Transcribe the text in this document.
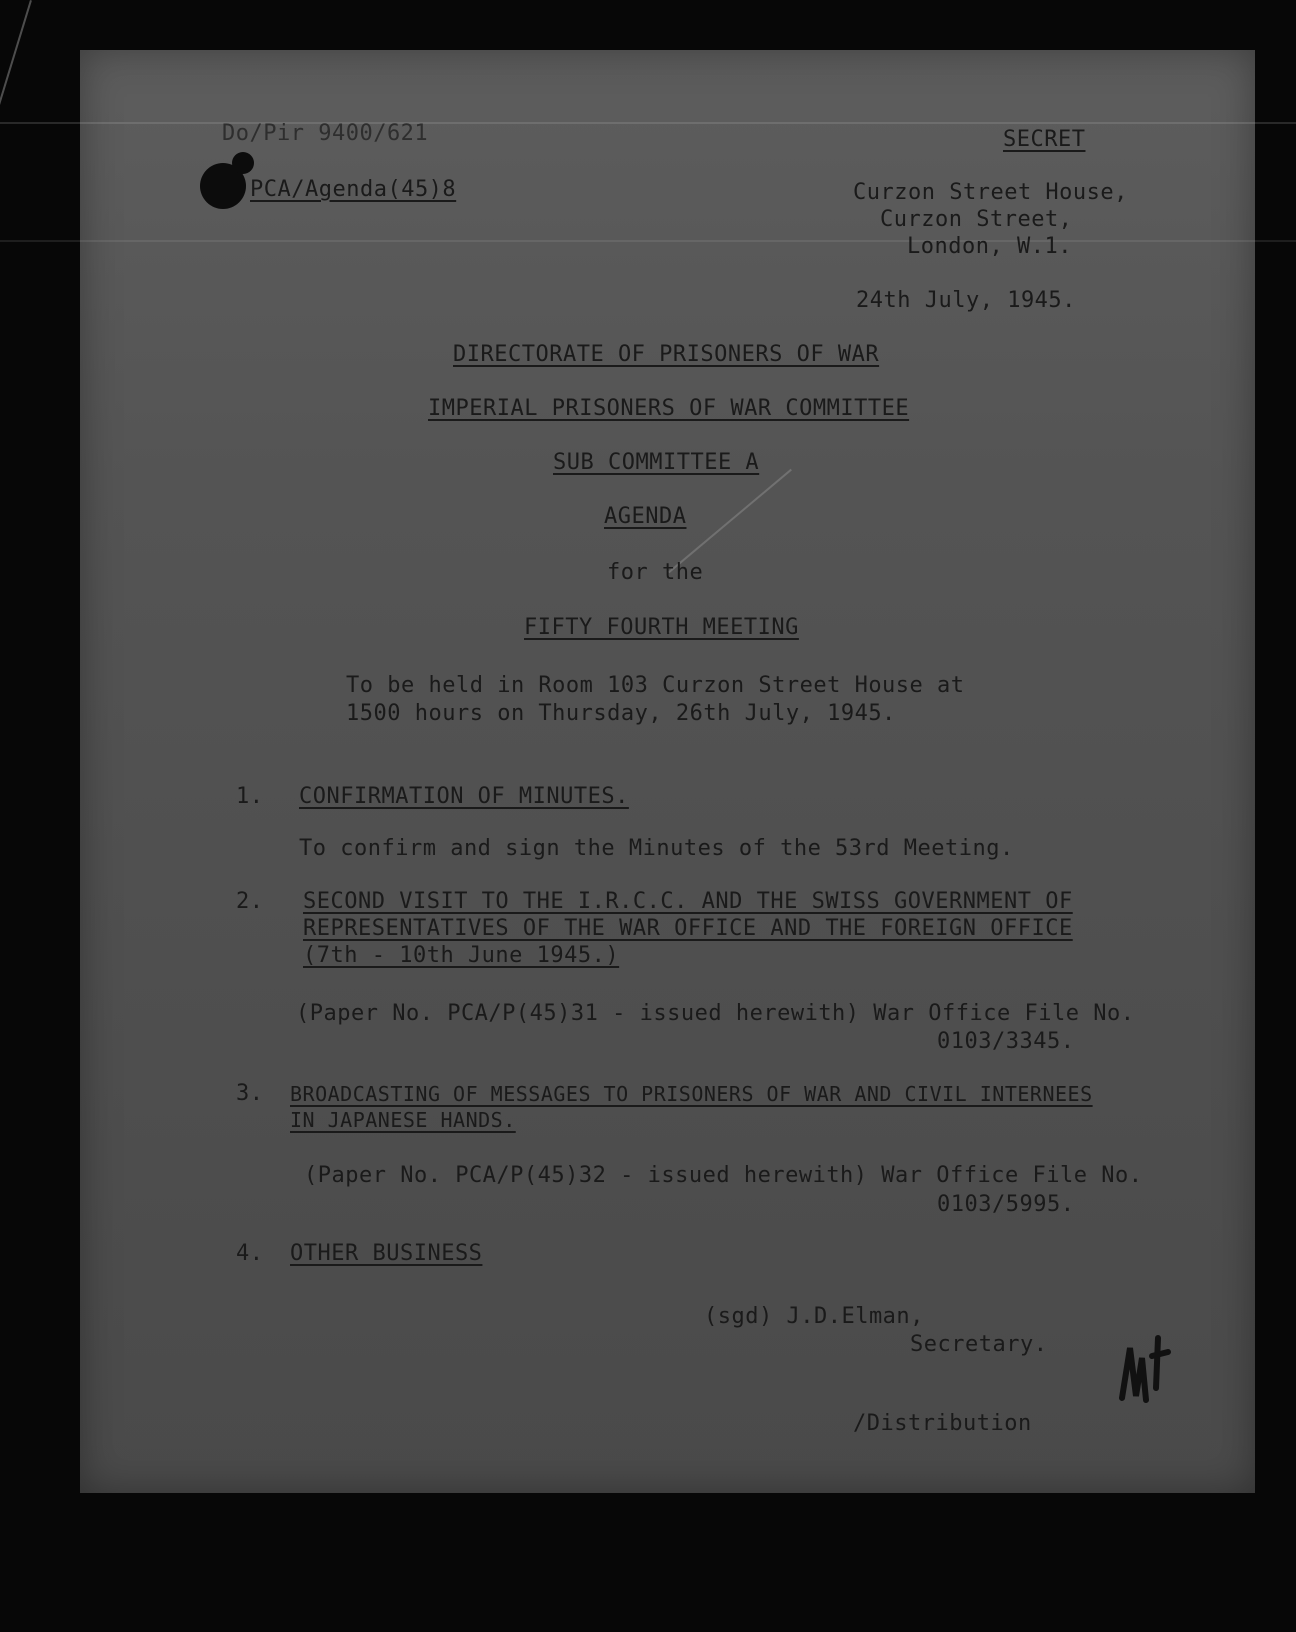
Do/Pir 9400/621
PCA/Agenda(45)8
SECRET
Curzon Street House,
Curzon Street,
London, W.1.
24th July, 1945.
DIRECTORATE OF PRISONERS OF WAR
IMPERIAL PRISONERS OF WAR COMMITTEE
SUB COMMITTEE A
AGENDA
for the
FIFTY FOURTH MEETING
To be held in Room 103 Curzon Street House at
1500 hours on Thursday, 26th July, 1945.
1. CONFIRMATION OF MINUTES.
To confirm and sign the Minutes of the 53rd Meeting.
2. SECOND VISIT TO THE I.R.C.C. AND THE SWISS GOVERNMENT OF
REPRESENTATIVES OF THE WAR OFFICE AND THE FOREIGN OFFICE
(7th - 10th June 1945.)
(Paper No. PCA/P(45)31 - issued herewith) War Office File No.
0103/3345.
3. BROADCASTING OF MESSAGES TO PRISONERS OF WAR AND CIVIL INTERNEES
IN JAPANESE HANDS.
(Paper No. PCA/P(45)32 - issued herewith) War Office File No.
0103/5995.
4. OTHER BUSINESS
(sgd) J.D.Elman,
Secretary.
/Distribution
